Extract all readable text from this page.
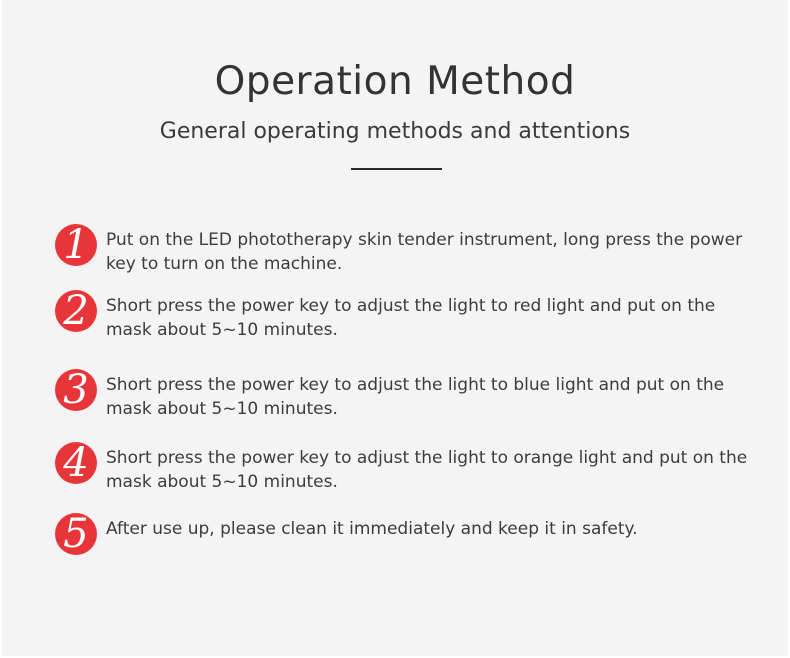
Operation Method
General operating methods and attentions
1	Put on the LED phototherapy skin tender instrument, long press the power key to turn on the machine.
2	Short press the power key to adjust the light to red light and put on the mask about 5~10 minutes.
3	Short press the power key to adjust the light to blue light and put on the mask about 5~10 minutes.
4	Short press the power key to adjust the light to orange light and put on the mask about 5~10 minutes.
5	After use up, please clean it immediately and keep it in safety.
